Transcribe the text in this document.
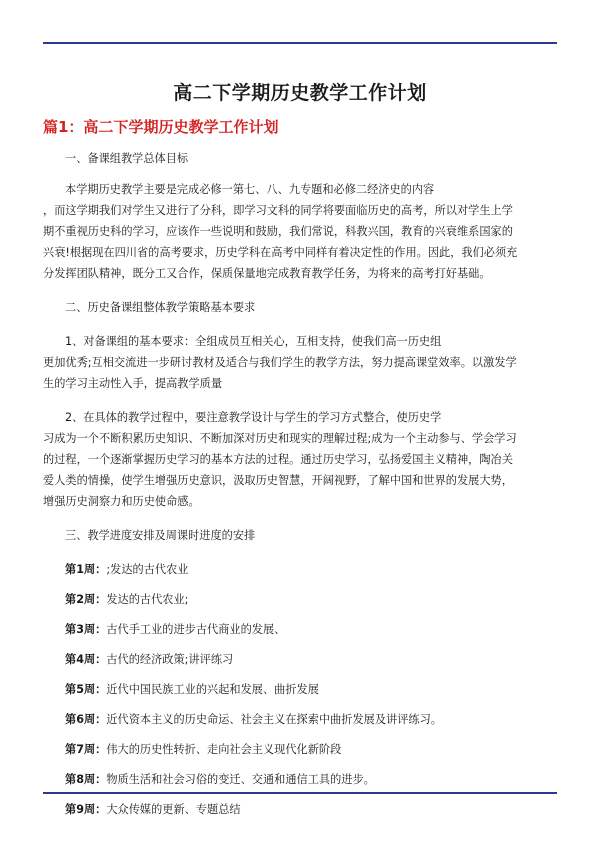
高二下学期历史教学工作计划
篇1：高二下学期历史教学工作计划

一、备课组教学总体目标

本学期历史教学主要是完成必修一第七、八、九专题和必修二经济史的内容

，而这学期我们对学生又进行了分科，即学习文科的同学将要面临历史的高考，所以对学生上学

期不重视历史科的学习，应该作一些说明和鼓励，我们常说，科教兴国，教育的兴衰维系国家的

兴衰!根据现在四川省的高考要求，历史学科在高考中同样有着决定性的作用。因此，我们必须充

分发挥团队精神，既分工又合作，保质保量地完成教育教学任务，为将来的高考打好基础。

二、历史备课组整体教学策略基本要求

1、对备课组的基本要求：全组成员互相关心，互相支持，使我们高一历史组

更加优秀;互相交流进一步研讨教材及适合与我们学生的教学方法，努力提高课堂效率。以激发学

生的学习主动性入手，提高教学质量

2、在具体的教学过程中，要注意教学设计与学生的学习方式整合，使历史学

习成为一个不断积累历史知识、不断加深对历史和现实的理解过程;成为一个主动参与、学会学习

的过程，一个逐渐掌握历史学习的基本方法的过程。通过历史学习，弘扬爱国主义精神，陶冶关

爱人类的情操，使学生增强历史意识，汲取历史智慧，开阔视野，了解中国和世界的发展大势，

增强历史洞察力和历史使命感。

三、教学进度安排及周课时进度的安排

第1周：;发达的古代农业

第2周：发达的古代农业;

第3周：古代手工业的进步古代商业的发展、

第4周：古代的经济政策;讲评练习

第5周：近代中国民族工业的兴起和发展、曲折发展

第6周：近代资本主义的历史命运、社会主义在探索中曲折发展及讲评练习。

第7周：伟大的历史性转折、走向社会主义现代化新阶段

第8周：物质生活和社会习俗的变迁、交通和通信工具的进步。

第9周：大众传媒的更新、专题总结
